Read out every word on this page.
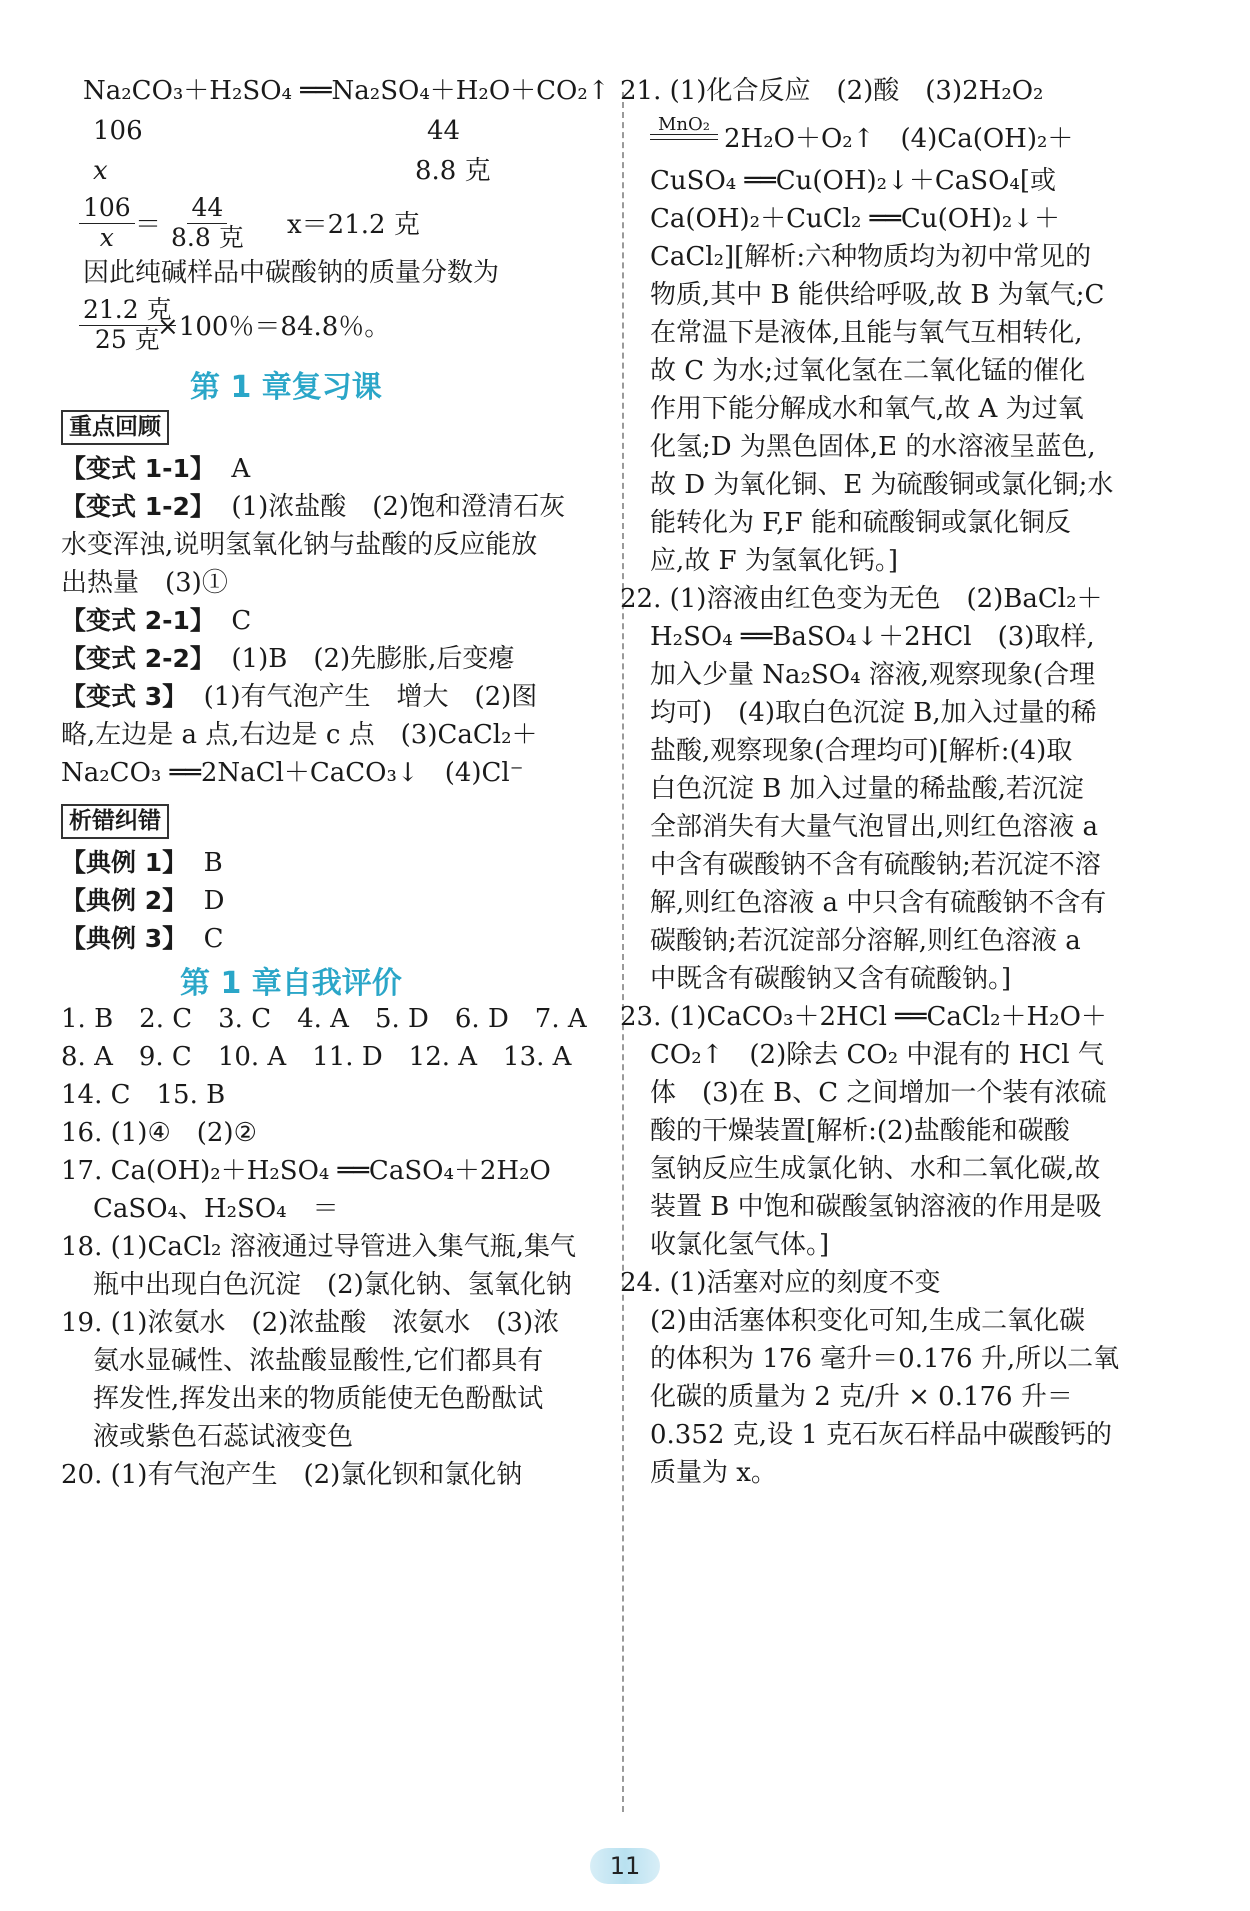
Na₂CO₃＋H₂SO₄ ══Na₂SO₄＋H₂O＋CO₂↑
106	44
x	8.8 克
$\frac{106}{x}$ ＝
44
8.8 克 x＝21.2 克
因此纯碱样品中碳酸钠的质量分数为
21.2 克
25 克
×100％＝84.8％。
第 1 章复习课
重点回顾
【变式 1-1】 A
【变式 1-2】 (1)浓盐酸　(2)饱和澄清石灰
水变浑浊,说明氢氧化钠与盐酸的反应能放
出热量　(3)①
【变式 2-1】 C
【变式 2-2】 (1)B　(2)先膨胀,后变瘪
【变式 3】 (1)有气泡产生　增大　(2)图
略,左边是 a 点,右边是 c 点　(3)CaCl₂＋
Na₂CO₃ ══2NaCl＋CaCO₃↓　(4)Cl⁻
析错纠错
【典例 1】 B
【典例 2】 D
【典例 3】 C
第 1 章自我评价
1. B　2. C　3. C　4. A　5. D　6. D　7. A
8. A　9. C　10. A　11. D　12. A　13. A
14. C　15. B
16. (1)④　(2)②
17. Ca(OH)₂＋H₂SO₄ ══CaSO₄＋2H₂O
CaSO₄、H₂SO₄　＝
18. (1)CaCl₂ 溶液通过导管进入集气瓶,集气
瓶中出现白色沉淀　(2)氯化钠、氢氧化钠
19. (1)浓氨水　(2)浓盐酸　浓氨水　(3)浓
氨水显碱性、浓盐酸显酸性,它们都具有
挥发性,挥发出来的物质能使无色酚酞试
液或紫色石蕊试液变色
20. (1)有气泡产生　(2)氯化钡和氯化钠
21. (1)化合反应　(2)酸　(3)2H₂O₂
MnO₂ 2H₂O＋O₂↑　(4)Ca(OH)₂＋
CuSO₄ ══Cu(OH)₂↓＋CaSO₄[或
Ca(OH)₂＋CuCl₂ ══Cu(OH)₂↓＋
CaCl₂][解析:六种物质均为初中常见的
物质,其中 B 能供给呼吸,故 B 为氧气;C
在常温下是液体,且能与氧气互相转化,
故 C 为水;过氧化氢在二氧化锰的催化
作用下能分解成水和氧气,故 A 为过氧
化氢;D 为黑色固体,E 的水溶液呈蓝色,
故 D 为氧化铜、E 为硫酸铜或氯化铜;水
能转化为 F,F 能和硫酸铜或氯化铜反
应,故 F 为氢氧化钙。]
22. (1)溶液由红色变为无色　(2)BaCl₂＋
H₂SO₄ ══BaSO₄↓＋2HCl　(3)取样,
加入少量 Na₂SO₄ 溶液,观察现象(合理
均可)　(4)取白色沉淀 B,加入过量的稀
盐酸,观察现象(合理均可)[解析:(4)取
白色沉淀 B 加入过量的稀盐酸,若沉淀
全部消失有大量气泡冒出,则红色溶液 a
中含有碳酸钠不含有硫酸钠;若沉淀不溶
解,则红色溶液 a 中只含有硫酸钠不含有
碳酸钠;若沉淀部分溶解,则红色溶液 a
中既含有碳酸钠又含有硫酸钠。]
23. (1)CaCO₃＋2HCl ══CaCl₂＋H₂O＋
CO₂↑　(2)除去 CO₂ 中混有的 HCl 气
体　(3)在 B、C 之间增加一个装有浓硫
酸的干燥装置[解析:(2)盐酸能和碳酸
氢钠反应生成氯化钠、水和二氧化碳,故
装置 B 中饱和碳酸氢钠溶液的作用是吸
收氯化氢气体。]
24. (1)活塞对应的刻度不变
(2)由活塞体积变化可知,生成二氧化碳
的体积为 176 毫升＝0.176 升,所以二氧
化碳的质量为 2 克/升 × 0.176 升＝
0.352 克,设 1 克石灰石样品中碳酸钙的
质量为 x。
11
